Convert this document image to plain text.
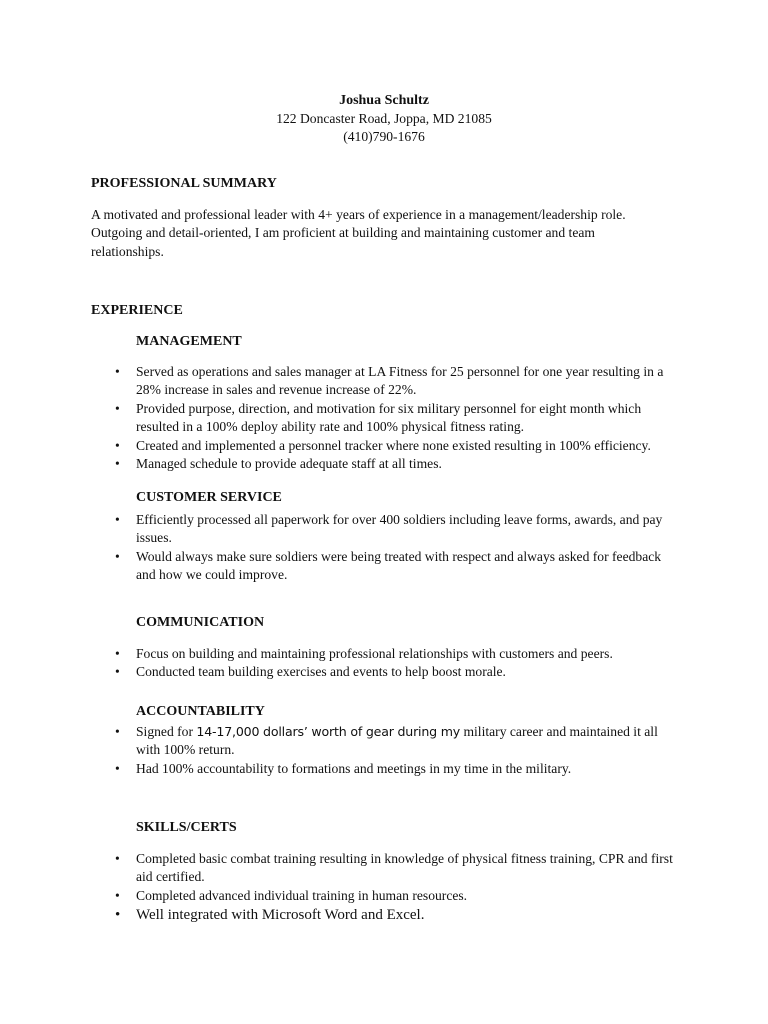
Joshua Schultz
122 Doncaster Road, Joppa, MD 21085
(410)790-1676
PROFESSIONAL SUMMARY
A motivated and professional leader with 4+ years of experience in a management/leadership role.
Outgoing and detail-oriented, I am proficient at building and maintaining customer and team
relationships.
EXPERIENCE
MANAGEMENT
• Served as operations and sales manager at LA Fitness for 25 personnel for one year resulting in a 28% increase in sales and revenue increase of 22%.
• Provided purpose, direction, and motivation for six military personnel for eight month which resulted in a 100% deploy ability rate and 100% physical fitness rating.
• Created and implemented a personnel tracker where none existed resulting in 100% efficiency.
• Managed schedule to provide adequate staff at all times.
CUSTOMER SERVICE
• Efficiently processed all paperwork for over 400 soldiers including leave forms, awards, and pay issues.
• Would always make sure soldiers were being treated with respect and always asked for feedback and how we could improve.
COMMUNICATION
• Focus on building and maintaining professional relationships with customers and peers.
• Conducted team building exercises and events to help boost morale.
ACCOUNTABILITY
• Signed for 14-17,000 dollars’ worth of gear during my military career and maintained it all with 100% return.
• Had 100% accountability to formations and meetings in my time in the military.
SKILLS/CERTS
• Completed basic combat training resulting in knowledge of physical fitness training, CPR and first aid certified.
• Completed advanced individual training in human resources.
• Well integrated with Microsoft Word and Excel.
